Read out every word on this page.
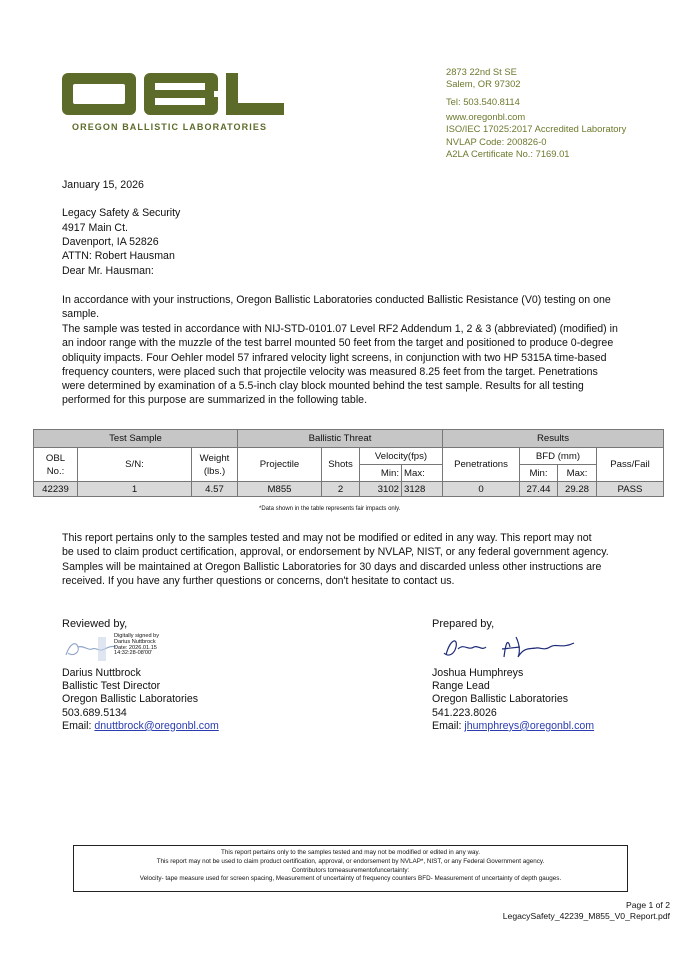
OREGON BALLISTIC LABORATORIES
2873 22nd St SE
Salem, OR 97302
Tel: 503.540.8114
www.oregonbl.com
ISO/IEC 17025:2017 Accredited Laboratory
NVLAP Code: 200826-0
A2LA Certificate No.: 7169.01
January 15, 2026
Legacy Safety & Security
4917 Main Ct.
Davenport, IA 52826
ATTN: Robert Hausman
Dear Mr. Hausman:
In accordance with your instructions, Oregon Ballistic Laboratories conducted Ballistic Resistance (V0) testing on one
sample.
The sample was tested in accordance with NIJ-STD-0101.07 Level RF2 Addendum 1, 2 & 3 (abbreviated) (modified) in
an indoor range with the muzzle of the test barrel mounted 50 feet from the target and positioned to produce 0-degree
obliquity impacts. Four Oehler model 57 infrared velocity light screens, in conjunction with two HP 5315A time-based
frequency counters, were placed such that projectile velocity was measured 8.25 feet from the target. Penetrations
were determined by examination of a 5.5-inch clay block mounted behind the test sample. Results for all testing
performed for this purpose are summarized in the following table.
Test Sample			Ballistic Threat				Results			
OBL No.:	S/N:	Weight (lbs.)	Projectile	Shots	Velocity(fps)		Penetrations	BFD (mm)		Pass/Fail
					Min:	Max:		Min:	Max:	
42239	1	4.57	M855	2	3102	3128	0	27.44	29.28	PASS
*Data shown in the table represents fair impacts only.
This report pertains only to the samples tested and may not be modified or edited in any way. This report may not
be used to claim product certification, approval, or endorsement by NVLAP, NIST, or any federal government agency.
Samples will be maintained at Oregon Ballistic Laboratories for 30 days and discarded unless other instructions are
received. If you have any further questions or concerns, don't hesitate to contact us.
Reviewed by,
Digitally signed by
Darius Nuttbrock
Date: 2026.01.15
14:32:28-08'00'
Darius Nuttbrock
Ballistic Test Director
Oregon Ballistic Laboratories
503.689.5134
Email: dnuttbrock@oregonbl.com
Prepared by,
Joshua Humphreys
Range Lead
Oregon Ballistic Laboratories
541.223.8026
Email: jhumphreys@oregonbl.com
This report pertains only to the samples tested and may not be modified or edited in any way.
This report may not be used to claim product certification, approval, or endorsement by NVLAP*, NIST, or any Federal Government agency.
Contributors tomeasurementofuncertainty:
Velocity- tape measure used for screen spacing, Measurement of uncertainty of frequency counters BFD- Measurement of uncertainty of depth gauges.
Page 1 of 2
LegacySafety_42239_M855_V0_Report.pdf
